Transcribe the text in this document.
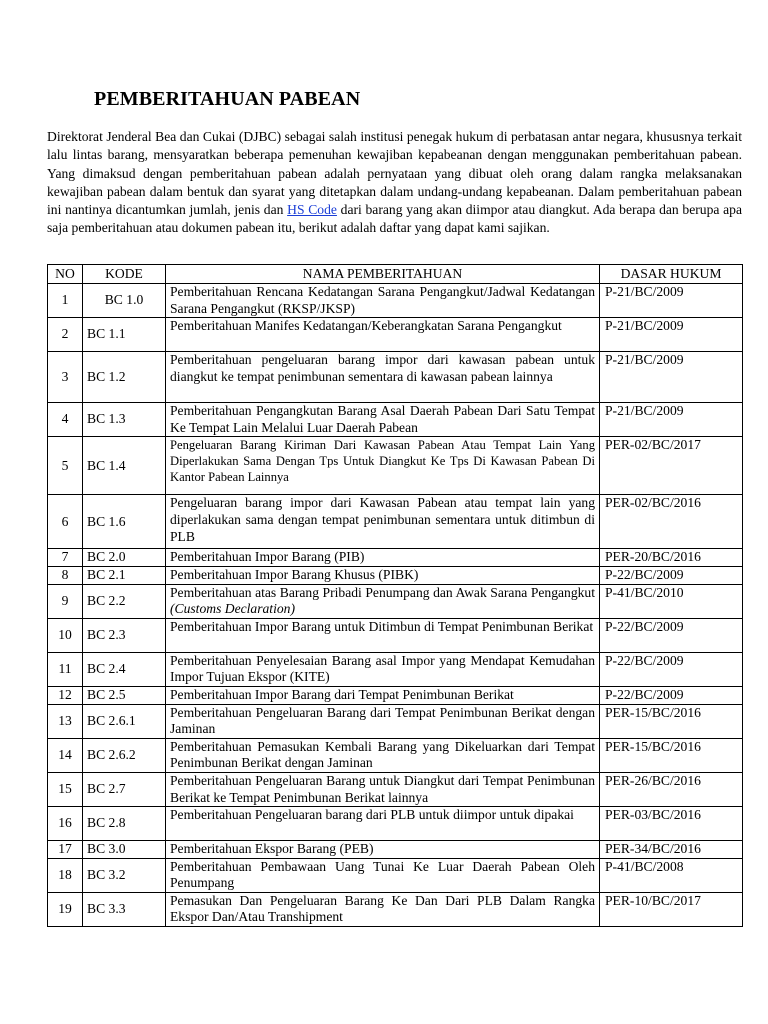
PEMBERITAHUAN PABEAN

Direktorat Jenderal Bea dan Cukai (DJBC) sebagai salah institusi penegak hukum di perbatasan antar negara, khususnya terkait lalu lintas barang, mensyaratkan beberapa pemenuhan kewajiban kepabeanan dengan menggunakan pemberitahuan pabean. Yang dimaksud dengan pemberitahuan pabean adalah pernyataan yang dibuat oleh orang dalam rangka melaksanakan kewajiban pabean dalam bentuk dan syarat yang ditetapkan dalam undang-undang kepabeanan. Dalam pemberitahuan pabean ini nantinya dicantumkan jumlah, jenis dan HS Code dari barang yang akan diimpor atau diangkut. Ada berapa dan berupa apa saja pemberitahuan atau dokumen pabean itu, berikut adalah daftar yang dapat kami sajikan.

NO	KODE	NAMA PEMBERITAHUAN	DASAR HUKUM
1	BC 1.0	Pemberitahuan Rencana Kedatangan Sarana Pengangkut/Jadwal Kedatangan Sarana Pengangkut (RKSP/JKSP)	P-21/BC/2009
2	BC 1.1	Pemberitahuan Manifes Kedatangan/Keberangkatan Sarana Pengangkut	P-21/BC/2009
3	BC 1.2	Pemberitahuan pengeluaran barang impor dari kawasan pabean untuk diangkut ke tempat penimbunan sementara di kawasan pabean lainnya	P-21/BC/2009
4	BC 1.3	Pemberitahuan Pengangkutan Barang Asal Daerah Pabean Dari Satu Tempat Ke Tempat Lain Melalui Luar Daerah Pabean	P-21/BC/2009
5	BC 1.4	Pengeluaran Barang Kiriman Dari Kawasan Pabean Atau Tempat Lain Yang Diperlakukan Sama Dengan Tps Untuk Diangkut Ke Tps Di Kawasan Pabean Di Kantor Pabean Lainnya	PER-02/BC/2017
6	BC 1.6	Pengeluaran barang impor dari Kawasan Pabean atau tempat lain yang diperlakukan sama dengan tempat penimbunan sementara untuk ditimbun di PLB	PER-02/BC/2016
7	BC 2.0	Pemberitahuan Impor Barang (PIB)	PER-20/BC/2016
8	BC 2.1	Pemberitahuan Impor Barang Khusus (PIBK)	P-22/BC/2009
9	BC 2.2	Pemberitahuan atas Barang Pribadi Penumpang dan Awak Sarana Pengangkut (Customs Declaration)	P-41/BC/2010
10	BC 2.3	Pemberitahuan Impor Barang untuk Ditimbun di Tempat Penimbunan Berikat	P-22/BC/2009
11	BC 2.4	Pemberitahuan Penyelesaian Barang asal Impor yang Mendapat Kemudahan Impor Tujuan Ekspor (KITE)	P-22/BC/2009
12	BC 2.5	Pemberitahuan Impor Barang dari Tempat Penimbunan Berikat	P-22/BC/2009
13	BC 2.6.1	Pemberitahuan Pengeluaran Barang dari Tempat Penimbunan Berikat dengan Jaminan	PER-15/BC/2016
14	BC 2.6.2	Pemberitahuan Pemasukan Kembali Barang yang Dikeluarkan dari Tempat Penimbunan Berikat dengan Jaminan	PER-15/BC/2016
15	BC 2.7	Pemberitahuan Pengeluaran Barang untuk Diangkut dari Tempat Penimbunan Berikat ke Tempat Penimbunan Berikat lainnya	PER-26/BC/2016
16	BC 2.8	Pemberitahuan Pengeluaran barang dari PLB untuk diimpor untuk dipakai	PER-03/BC/2016
17	BC 3.0	Pemberitahuan Ekspor Barang (PEB)	PER-34/BC/2016
18	BC 3.2	Pemberitahuan Pembawaan Uang Tunai Ke Luar Daerah Pabean Oleh Penumpang	P-41/BC/2008
19	BC 3.3	Pemasukan Dan Pengeluaran Barang Ke Dan Dari PLB Dalam Rangka Ekspor Dan/Atau Transhipment	PER-10/BC/2017
